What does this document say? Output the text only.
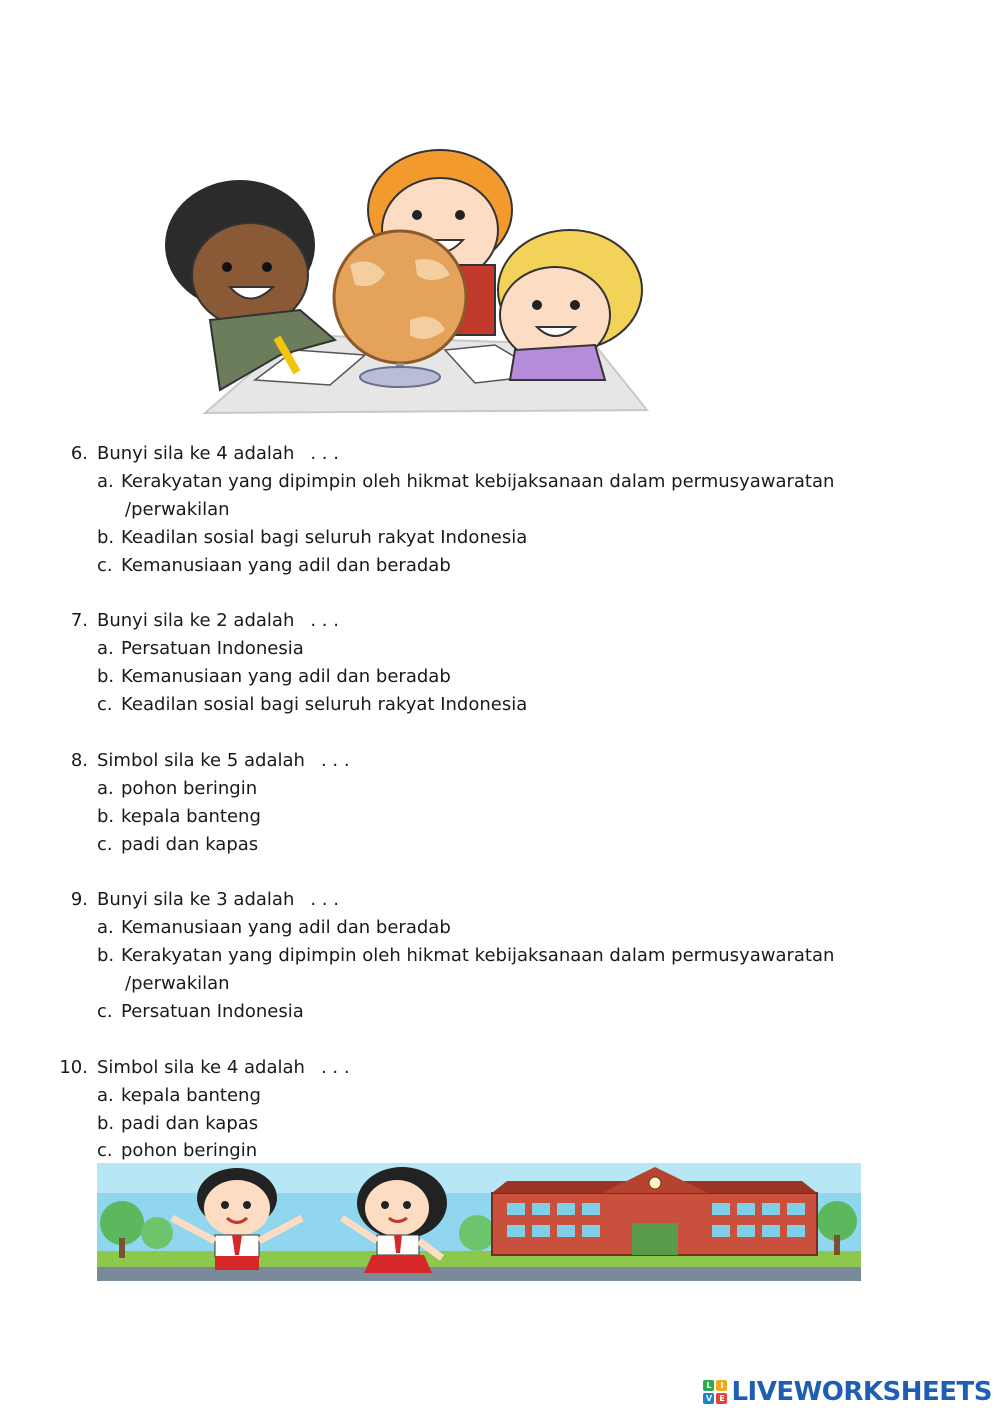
6. Bunyi sila ke 4 adalah . . .
a. Kerakyatan yang dipimpin oleh hikmat kebijaksanaan dalam permusyawaratan
/perwakilan
b. Keadilan sosial bagi seluruh rakyat Indonesia
c. Kemanusiaan yang adil dan beradab
7. Bunyi sila ke 2 adalah . . .
a. Persatuan Indonesia
b. Kemanusiaan yang adil dan beradab
c. Keadilan sosial bagi seluruh rakyat Indonesia
8. Simbol sila ke 5 adalah . . .
a. pohon beringin
b. kepala banteng
c. padi dan kapas
9. Bunyi sila ke 3 adalah . . .
a. Kemanusiaan yang adil dan beradab
b. Kerakyatan yang dipimpin oleh hikmat kebijaksanaan dalam permusyawaratan
/perwakilan
c. Persatuan Indonesia
10. Simbol sila ke 4 adalah . . .
a. kepala banteng
b. padi dan kapas
c. pohon beringin
L	I
V E LIVEWORKSHEETS
